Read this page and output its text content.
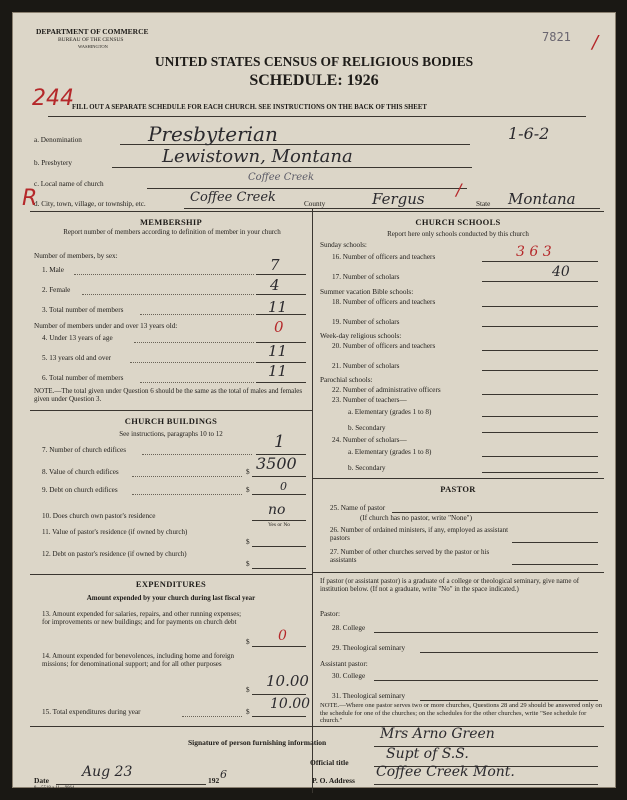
DEPARTMENT OF COMMERCE
BUREAU OF THE CENSUS
WASHINGTON
UNITED STATES CENSUS OF RELIGIOUS BODIES
SCHEDULE: 1926
7821 /
244
FILL OUT A SEPARATE SCHEDULE FOR EACH CHURCH. SEE INSTRUCTIONS ON THE BACK OF THIS SHEET
a. Denomination	Presbyterian	1-6-2
b. Presbytery	Lewistown, Montana
c. Local name of church
Coffee Creek
d. City, town, village, or township, etc.	Coffee Creek	County	Fergus	State Montana
R	/
MEMBERSHIP
Report number of members according to definition of member in your church
Number of members, by sex:
1. Male	7
2. Female	4
3. Total number of members	11
Number of members under and over 13 years old:
4. Under 13 years of age
0
5. 13 years old and over	11
6. Total number of members	11
NOTE.—The total given under Question 6 should be the same as the total of males and females given under Question 3.
CHURCH BUILDINGS
See instructions, paragraphs 10 to 12
7. Number of church edifices	1
8. Value of church edifices	$ 3500
9. Debt on church edifices	$	0
10. Does church own pastor's residence	no
Yes or No
11. Value of pastor's residence (if owned by church)
$
12. Debt on pastor's residence (if owned by church)
$
EXPENDITURES
Amount expended by your church during last fiscal year
13. Amount expended for salaries, repairs, and other running expenses; for improvements or new buildings; and for payments on church debt
$ 0
14. Amount expended for benevolences, including home and foreign missions; for denominational support; and for all other purposes
$ 10.00
15. Total expenditures during year	$ 10.00
CHURCH SCHOOLS
Report here only schools conducted by this church
Sunday schools:
16. Number of officers and teachers	3 6 3
17. Number of scholars	40
Summer vacation Bible schools:
18. Number of officers and teachers
19. Number of scholars
Week-day religious schools:
20. Number of officers and teachers
21. Number of scholars
Parochial schools:
22. Number of administrative officers
23. Number of teachers—
a. Elementary (grades 1 to 8)
b. Secondary
24. Number of scholars—
a. Elementary (grades 1 to 8)
b. Secondary
PASTOR
25. Name of pastor
(If church has no pastor, write "None")
26. Number of ordained ministers, if any, employed as assistant pastors
27. Number of other churches served by the pastor or his assistants
If pastor (or assistant pastor) is a graduate of a college or theological seminary, give name of institution below. (If not a graduate, write "No" in the space indicated.)
Pastor:
28. College
29. Theological seminary
Assistant pastor:
30. College
31. Theological seminary
NOTE.—Where one pastor serves two or more churches, Questions 28 and 29 should be answered only on the schedule for one of the churches; on the schedules for the other churches, write "See schedule for church."
Signature of person furnishing information
Mrs Arno Green
Official title
Supt of S.S.
Date
Aug 23
192 6	P. O. Address
Coffee Creek Mont.
8—5518 a 11—9864
